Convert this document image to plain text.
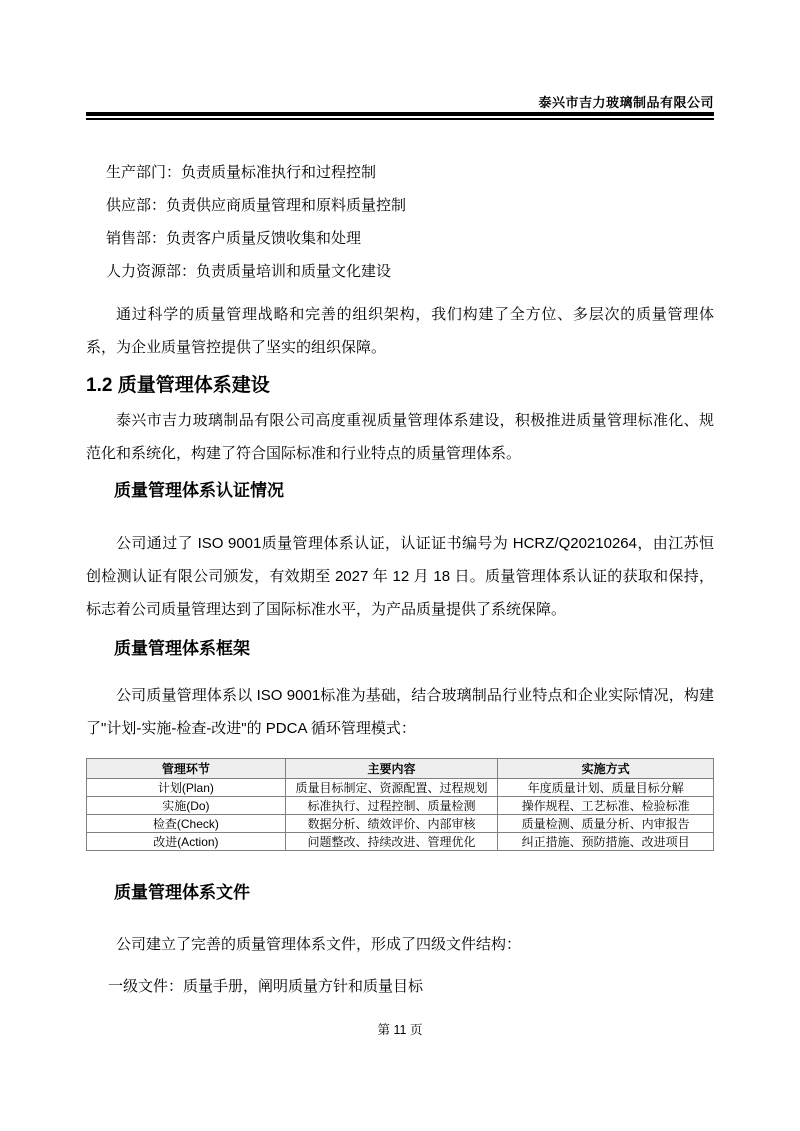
泰兴市吉力玻璃制品有限公司
生产部门：负责质量标准执行和过程控制
供应部：负责供应商质量管理和原料质量控制
销售部：负责客户质量反馈收集和处理
人力资源部：负责质量培训和质量文化建设

通过科学的质量管理战略和完善的组织架构，我们构建了全方位、多层次的质量管理体系，为企业质量管控提供了坚实的组织保障。

1.2 质量管理体系建设

泰兴市吉力玻璃制品有限公司高度重视质量管理体系建设，积极推进质量管理标准化、规范化和系统化，构建了符合国际标准和行业特点的质量管理体系。

质量管理体系认证情况

公司通过了 ISO 9001质量管理体系认证，认证证书编号为 HCRZ/Q20210264，由江苏恒创检测认证有限公司颁发，有效期至 2027 年 12 月 18 日。质量管理体系认证的获取和保持，标志着公司质量管理达到了国际标准水平，为产品质量提供了系统保障。

质量管理体系框架

公司质量管理体系以 ISO 9001标准为基础，结合玻璃制品行业特点和企业实际情况，构建了"计划-实施-检查-改进"的 PDCA 循环管理模式：

管理环节	主要内容	实施方式
计划(Plan)	质量目标制定、资源配置、过程规划	年度质量计划、质量目标分解
实施(Do)	标准执行、过程控制、质量检测	操作规程、工艺标准、检验标准
检查(Check)	数据分析、绩效评价、内部审核	质量检测、质量分析、内审报告
改进(Action)	问题整改、持续改进、管理优化	纠正措施、预防措施、改进项目
质量管理体系文件

公司建立了完善的质量管理体系文件，形成了四级文件结构：

一级文件：质量手册，阐明质量方针和质量目标
第 11 页
